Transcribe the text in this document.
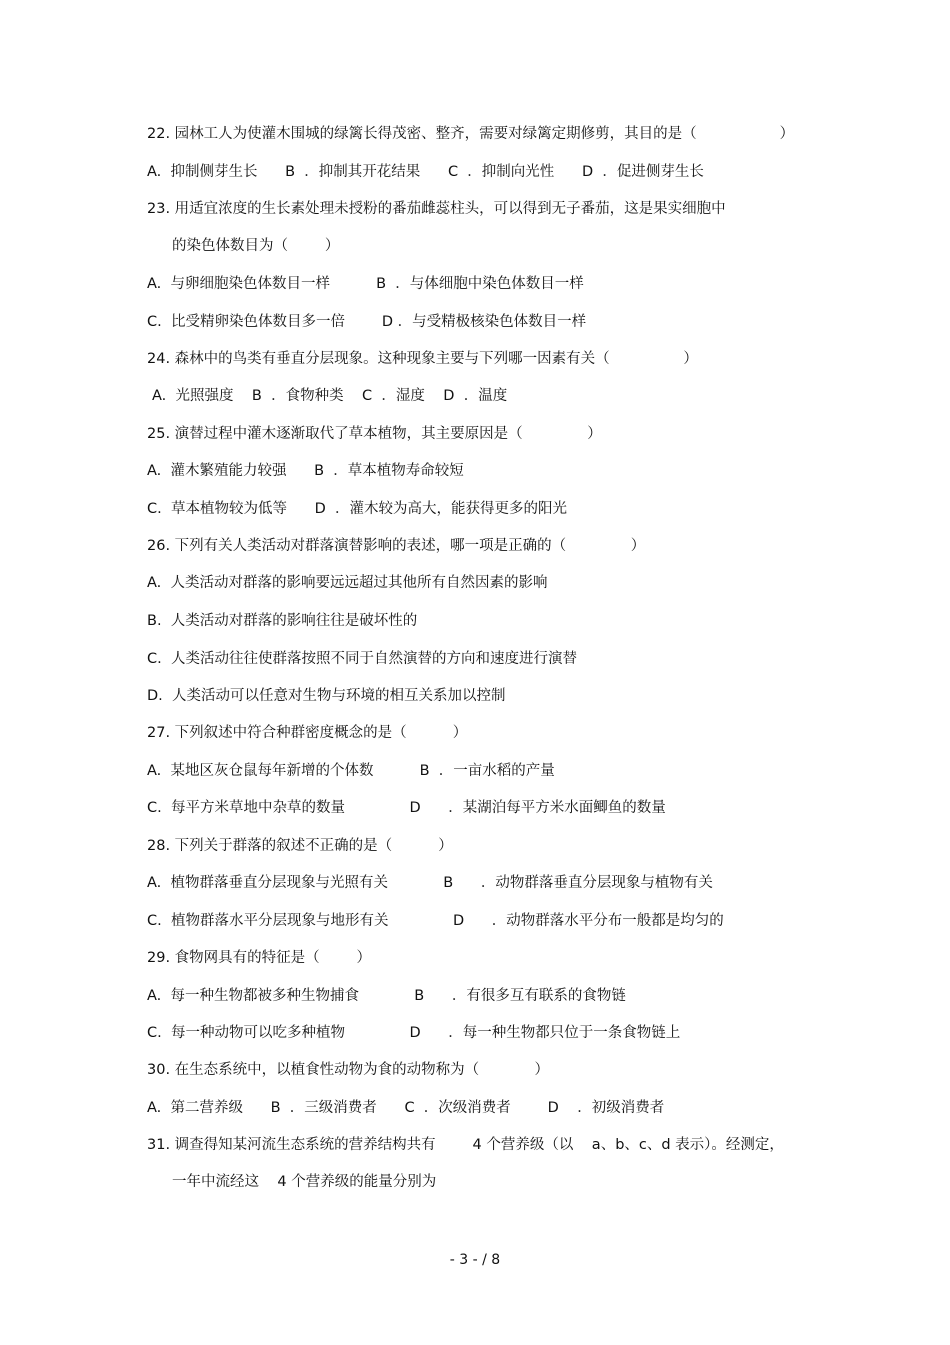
22. 园林工人为使灌木围城的绿篱长得茂密、整齐，需要对绿篱定期修剪，其目的是（                  ）
A.  抑制侧芽生长      B  ．抑制其开花结果      C  ．抑制向光性      D  ．促进侧芽生长
23. 用适宜浓度的生长素处理未授粉的番茄雌蕊柱头，可以得到无子番茄，这是果实细胞中
的染色体数目为（        ）
A.  与卵细胞染色体数目一样          B  ．与体细胞中染色体数目一样
C.  比受精卵染色体数目多一倍        D ．与受精极核染色体数目一样
24. 森林中的鸟类有垂直分层现象。这种现象主要与下列哪一因素有关（                ）
A.  光照强度    B  ．食物种类    C  ．湿度    D  ．温度
25. 演替过程中灌木逐渐取代了草本植物，其主要原因是（              ）
A.  灌木繁殖能力较强      B  ．草本植物寿命较短
C.  草本植物较为低等      D  ．灌木较为高大，能获得更多的阳光
26. 下列有关人类活动对群落演替影响的表述，哪一项是正确的（              ）
A.  人类活动对群落的影响要远远超过其他所有自然因素的影响
B.  人类活动对群落的影响往往是破坏性的
C.  人类活动往往使群落按照不同于自然演替的方向和速度进行演替
D.  人类活动可以任意对生物与环境的相互关系加以控制
27. 下列叙述中符合种群密度概念的是（          ）
A.  某地区灰仓鼠每年新增的个体数          B  ．一亩水稻的产量
C.  每平方米草地中杂草的数量              D      ．某湖泊每平方米水面鲫鱼的数量
28. 下列关于群落的叙述不正确的是（          ）
A.  植物群落垂直分层现象与光照有关            B      ．动物群落垂直分层现象与植物有关
C.  植物群落水平分层现象与地形有关              D      ．动物群落水平分布一般都是均匀的
29. 食物网具有的特征是（        ）
A.  每一种生物都被多种生物捕食            B      ．有很多互有联系的食物链
C.  每一种动物可以吃多种植物              D      ．每一种生物都只位于一条食物链上
30. 在生态系统中，以植食性动物为食的动物称为（            ）
A.  第二营养级      B  ．三级消费者      C  ．次级消费者        D    ．初级消费者
31. 调查得知某河流生态系统的营养结构共有        4 个营养级（以    a、b、c、d 表示）。经测定，
一年中流经这    4 个营养级的能量分别为
- 3 - / 8
